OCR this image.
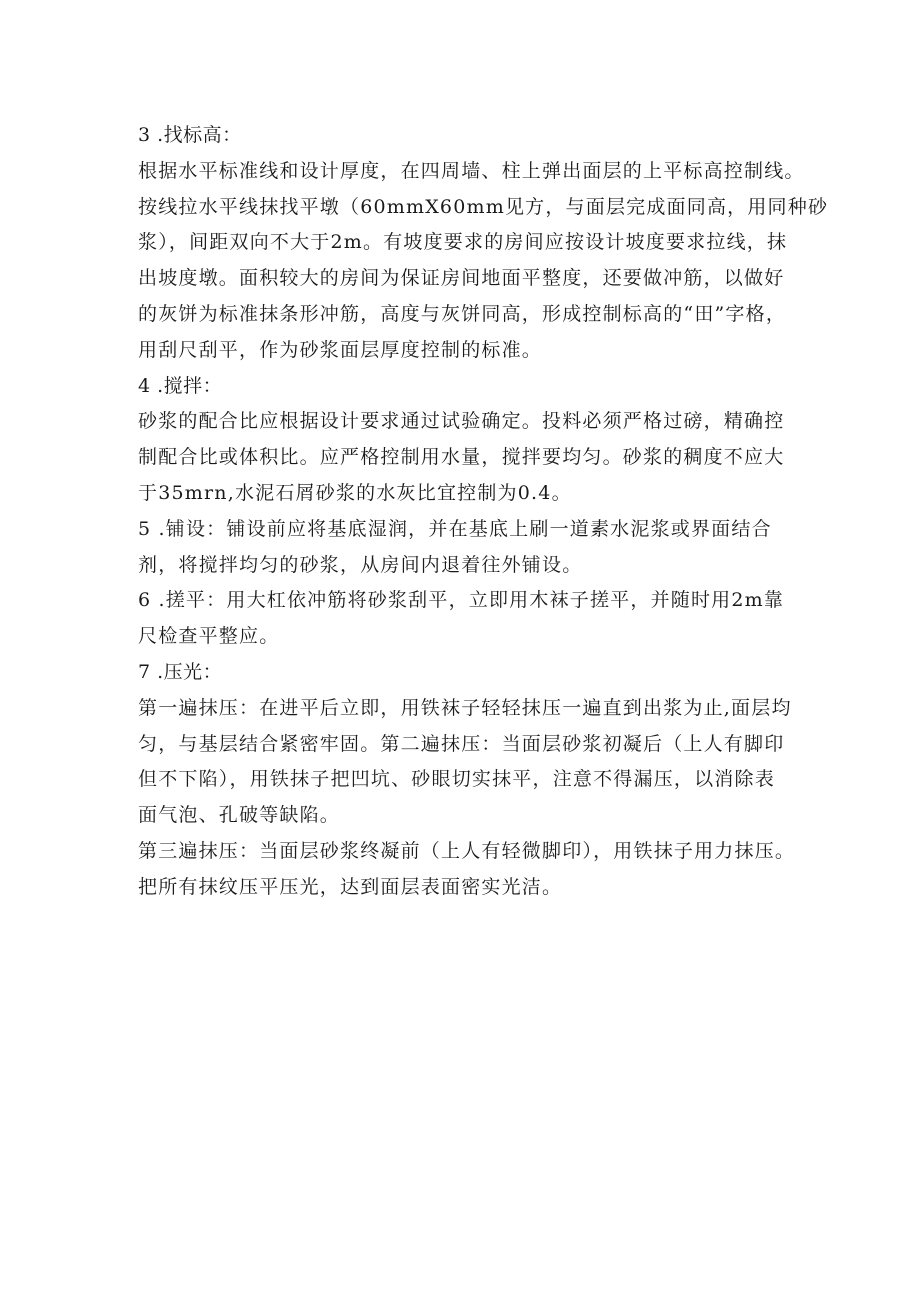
3 .找标高：

根据水平标准线和设计厚度，在四周墙、柱上弹出面层的上平标高控制线。

按线拉水平线抹找平墩（60mmX60mm见方，与面层完成面同高，用同种砂

浆），间距双向不大于2m。有坡度要求的房间应按设计坡度要求拉线，抹

出坡度墩。面积较大的房间为保证房间地面平整度，还要做冲筋，以做好

的灰饼为标准抹条形冲筋，高度与灰饼同高，形成控制标高的“田”字格，

用刮尺刮平，作为砂浆面层厚度控制的标准。

4 .搅拌：

砂浆的配合比应根据设计要求通过试验确定。投料必须严格过磅，精确控

制配合比或体积比。应严格控制用水量，搅拌要均匀。砂浆的稠度不应大

于35mrn,水泥石屑砂浆的水灰比宜控制为0.4。

5 .铺设：铺设前应将基底湿润，并在基底上刷一道素水泥浆或界面结合

剂，将搅拌均匀的砂浆，从房间内退着往外铺设。

6 .搓平：用大杠依冲筋将砂浆刮平，立即用木袜子搓平，并随时用2m靠

尺检查平整应。

7 .压光：

第一遍抹压：在进平后立即，用铁袜子轻轻抹压一遍直到出浆为止,面层均

匀，与基层结合紧密牢固。第二遍抹压：当面层砂浆初凝后（上人有脚印

但不下陷），用铁抹子把凹坑、砂眼切实抹平，注意不得漏压，以消除表

面气泡、孔破等缺陷。

第三遍抹压：当面层砂浆终凝前（上人有轻微脚印），用铁抹子用力抹压。

把所有抹纹压平压光，达到面层表面密实光洁。
